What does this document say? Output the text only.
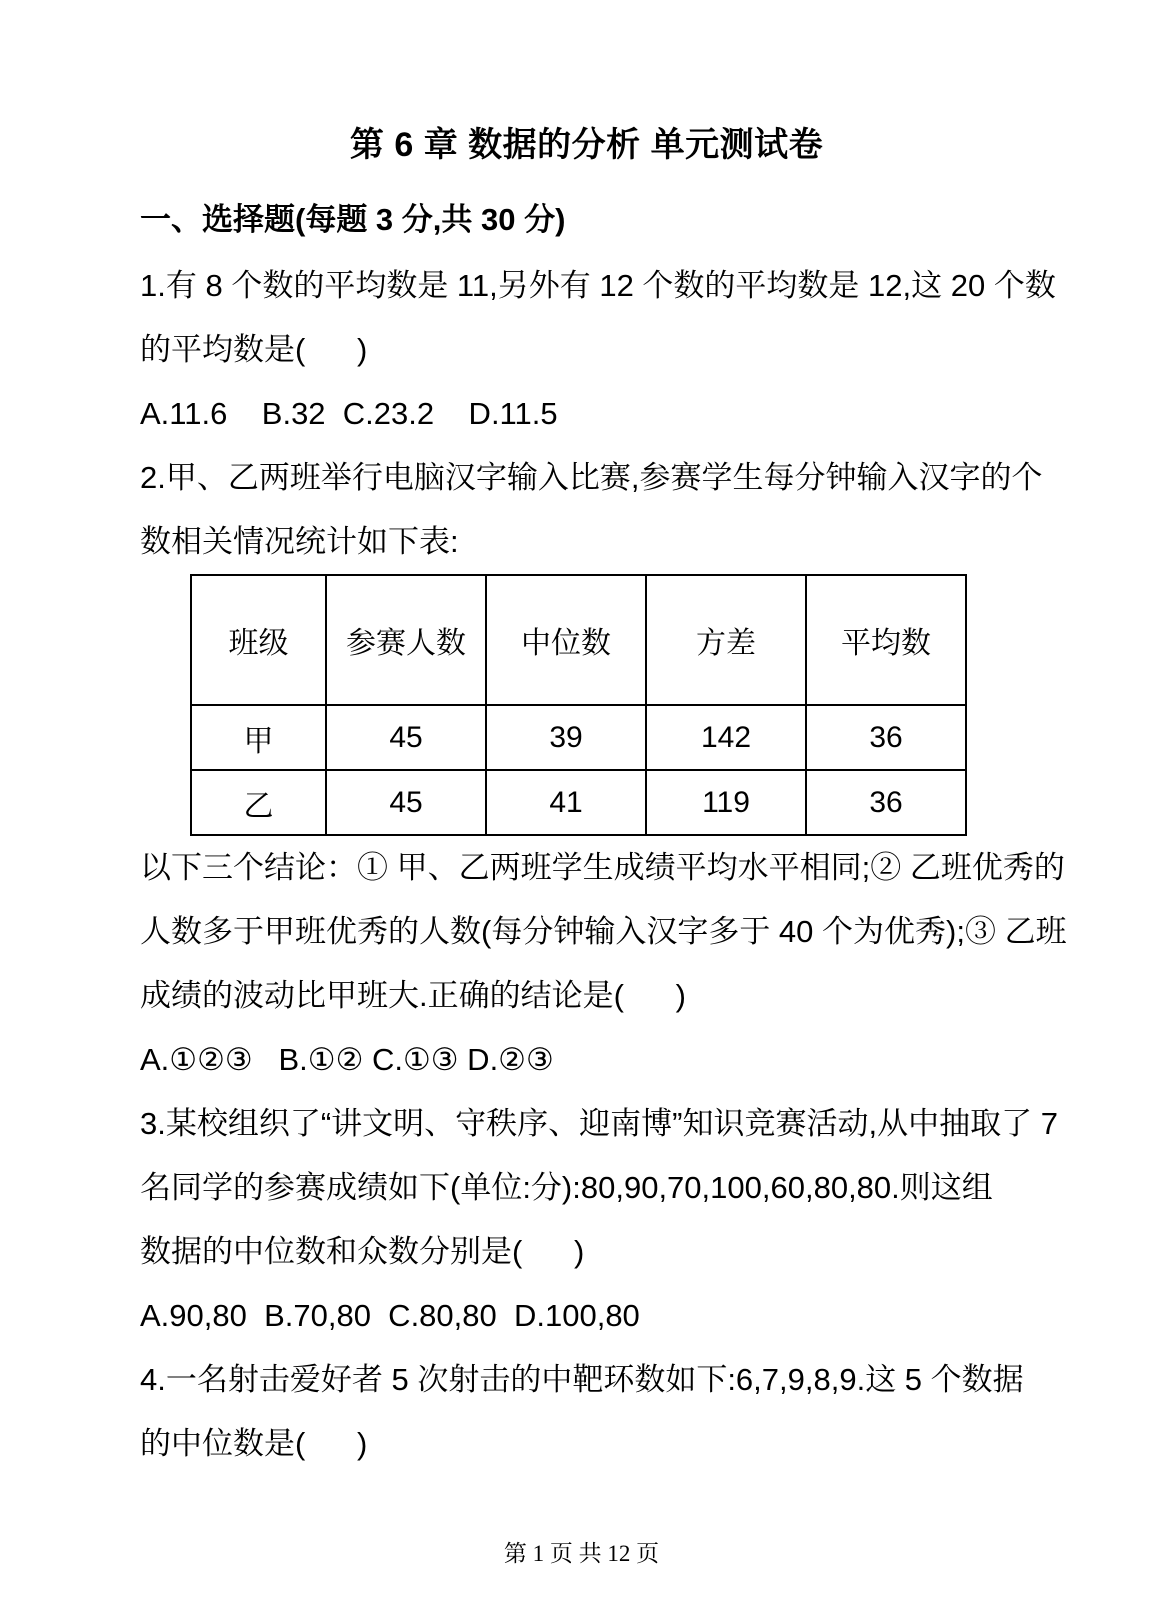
第 6 章 数据的分析 单元测试卷
一、选择题(每题 3 分,共 30 分)
1.有 8 个数的平均数是 11,另外有 12 个数的平均数是 12,这 20 个数
的平均数是(      )
A.11.6    B.32  C.23.2    D.11.5
2.甲、乙两班举行电脑汉字输入比赛,参赛学生每分钟输入汉字的个
数相关情况统计如下表:
班级	参赛人数	中位数	方差	平均数
甲	45	39	142	36
乙	45	41	119	36
以下三个结论：① 甲、乙两班学生成绩平均水平相同;② 乙班优秀的
人数多于甲班优秀的人数(每分钟输入汉字多于 40 个为优秀);③ 乙班
成绩的波动比甲班大.正确的结论是(      )
A.①②③   B.①② C.①③ D.②③
3.某校组织了“讲文明、守秩序、迎南博”知识竞赛活动,从中抽取了 7
名同学的参赛成绩如下(单位:分):80,90,70,100,60,80,80.则这组
数据的中位数和众数分别是(      )
A.90,80  B.70,80  C.80,80  D.100,80
4.一名射击爱好者 5 次射击的中靶环数如下:6,7,9,8,9.这 5 个数据
的中位数是(      )
第 1 页 共 12 页
